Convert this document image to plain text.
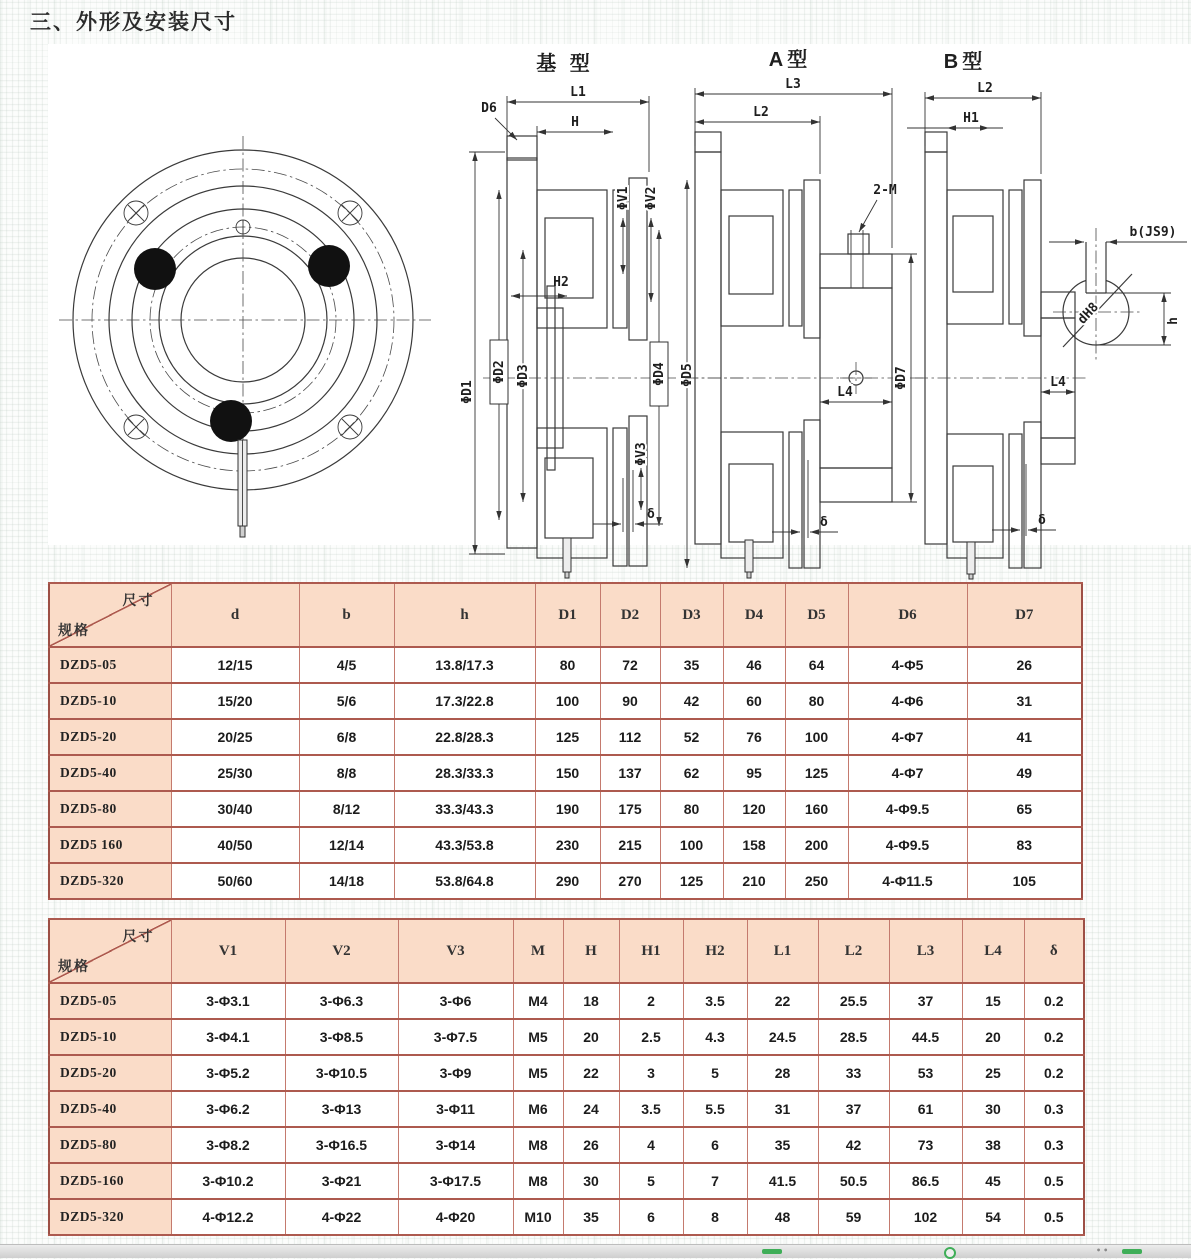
三、外形及安装尺寸
基 型
L1
H
D6
ΦV1 ΦV2
H2
ΦD1
ΦD2 ΦD3	ΦD4 ΦD5
ΦV3
δ
A型
L3
L2
2-M
ΦD7
L4
δ
B型
L2
H1
L4
δ
b(JS9)
dH8	h
尺寸
规格	d	b	h	D1	D2	D3	D4	D5	D6	D7
DZD5-05	12/15	4/5	13.8/17.3	80	72	35	46	64	4-Φ5	26
DZD5-10	15/20	5/6	17.3/22.8	100	90	42	60	80	4-Φ6	31
DZD5-20	20/25	6/8	22.8/28.3	125	112	52	76	100	4-Φ7	41
DZD5-40	25/30	8/8	28.3/33.3	150	137	62	95	125	4-Φ7	49
DZD5-80	30/40	8/12	33.3/43.3	190	175	80	120	160	4-Φ9.5	65
DZD5 160	40/50	12/14	43.3/53.8	230	215	100	158	200	4-Φ9.5	83
DZD5-320	50/60	14/18	53.8/64.8	290	270	125	210	250	4-Φ11.5	105
尺寸
规格	V1	V2	V3	M	H	H1	H2	L1	L2	L3	L4	δ
DZD5-05	3-Φ3.1	3-Φ6.3	3-Φ6	M4	18	2	3.5	22	25.5	37	15	0.2
DZD5-10	3-Φ4.1	3-Φ8.5	3-Φ7.5	M5	20	2.5	4.3	24.5	28.5	44.5	20	0.2
DZD5-20	3-Φ5.2	3-Φ10.5	3-Φ9	M5	22	3	5	28	33	53	25	0.2
DZD5-40	3-Φ6.2	3-Φ13	3-Φ11	M6	24	3.5	5.5	31	37	61	30	0.3
DZD5-80	3-Φ8.2	3-Φ16.5	3-Φ14	M8	26	4	6	35	42	73	38	0.3
DZD5-160	3-Φ10.2	3-Φ21	3-Φ17.5	M8	30	5	7	41.5	50.5	86.5	45	0.5
DZD5-320	4-Φ12.2	4-Φ22	4-Φ20	M10	35	6	8	48	59	102	54	0.5
••
